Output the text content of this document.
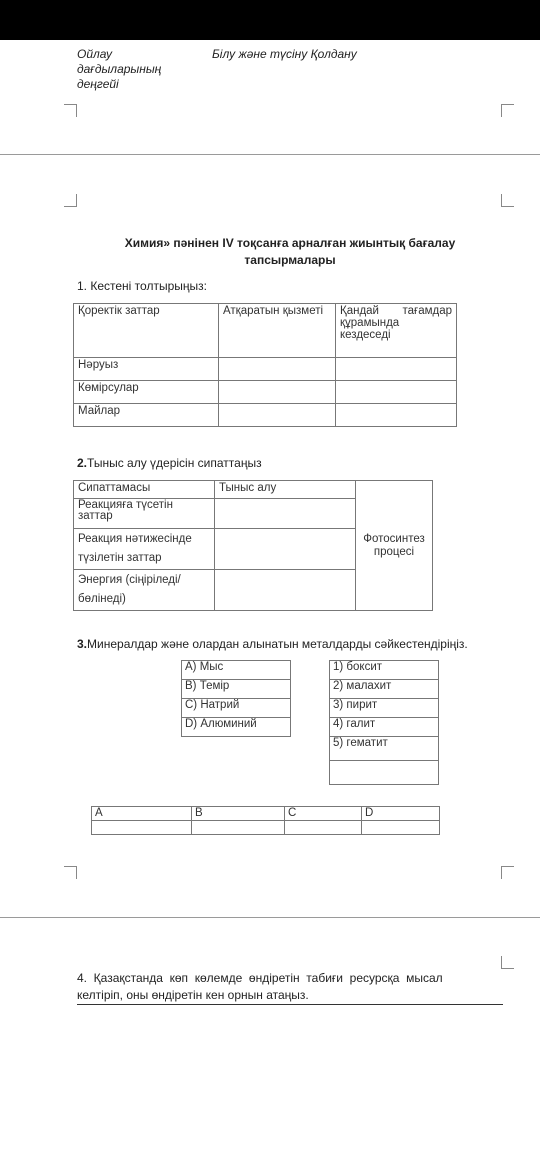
Ойлау
дағдыларының
деңгейі
Білу және түсіну Қолдану
Химия» пәнінен IV тоқсанға арналған жиынтық бағалау
тапсырмалары
1. Кестені толтырыңыз:
Қоректік заттар	Атқаратын қызметі	Қандай тағамдар құрамында кездеседі
Нәруыз		
Көмірсулар		
Майлар		
2.Тыныс алу үдерісін сипаттаңыз
Сипаттамасы	Тыныс алу	Фотосинтез
процесі

Реакцияға түсетін заттар		
Реакция нәтижесінде түзілетін заттар		
Энергия (сіңіріледі/ бөлінеді)		
3.Минералдар және олардан алынатын металдарды сәйкестендіріңіз.
A) Мыс
B) Темір
C) Натрий
D) Алюминий
1) боксит
2) малахит
3) пирит
4) галит
5) гематит

A	B	C	D

4.  Қазақстанда  көп  көлемде  өндіретін  табиғи  ресурсқа  мысал
келтіріп, оны өндіретін кен орнын атаңыз.
